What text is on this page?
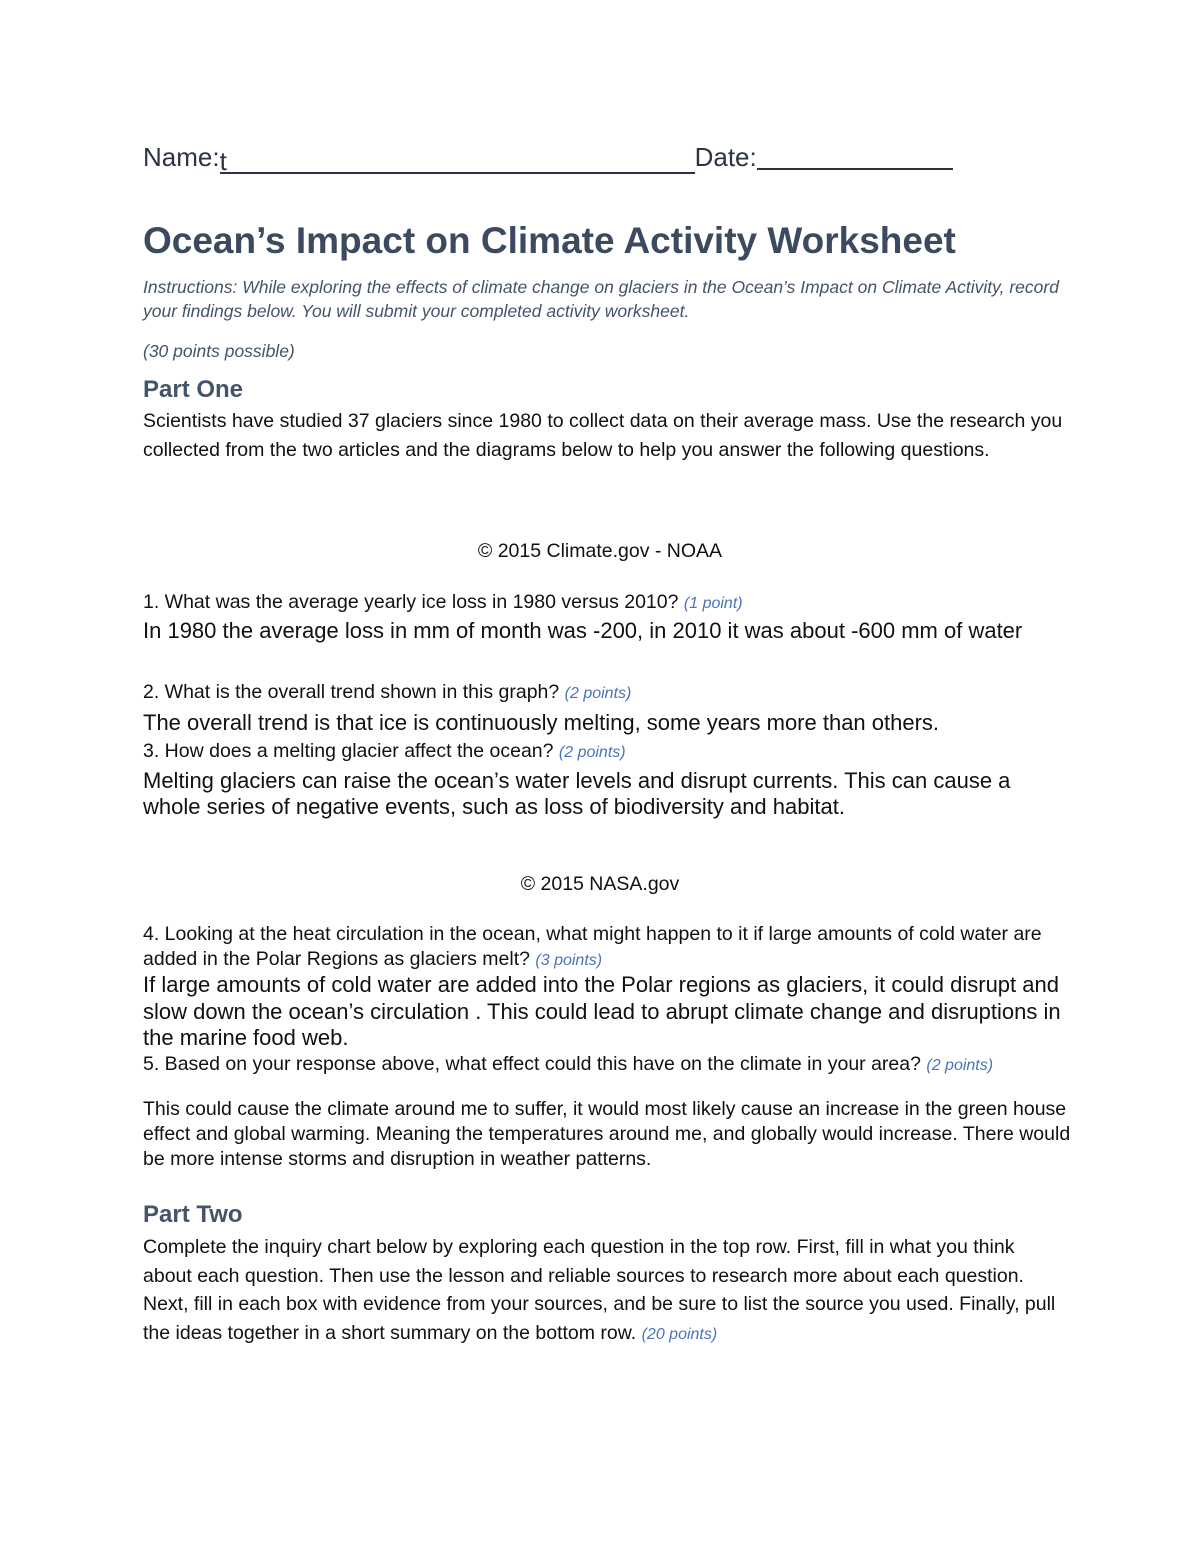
Name:t	Date:
Ocean’s Impact on Climate Activity Worksheet
Instructions: While exploring the effects of climate change on glaciers in the Ocean’s Impact on Climate Activity, record your findings below. You will submit your completed activity worksheet.
(30 points possible)
Part One
Scientists have studied 37 glaciers since 1980 to collect data on their average mass. Use the research you collected from the two articles and the diagrams below to help you answer the following questions.
© 2015 Climate.gov - NOAA
1. What was the average yearly ice loss in 1980 versus 2010? (1 point)
In 1980 the average loss in mm of month was -200, in 2010 it was about -600 mm of water
2. What is the overall trend shown in this graph? (2 points)
The overall trend is that ice is continuously melting, some years more than others.
3. How does a melting glacier affect the ocean? (2 points)
Melting glaciers can raise the ocean’s water levels and disrupt currents. This can cause a whole series of negative events, such as loss of biodiversity and habitat.
© 2015 NASA.gov
4. Looking at the heat circulation in the ocean, what might happen to it if large amounts of cold water are added in the Polar Regions as glaciers melt? (3 points)
If large amounts of cold water are added into the Polar regions as glaciers, it could disrupt and slow down the ocean’s circulation . This could lead to abrupt climate change and disruptions in the marine food web.
5. Based on your response above, what effect could this have on the climate in your area? (2 points)
This could cause the climate around me to suffer, it would most likely cause an increase in the green house effect and global warming. Meaning the temperatures around me, and globally would increase. There would be more intense storms and disruption in weather patterns.
Part Two
Complete the inquiry chart below by exploring each question in the top row. First, fill in what you think about each question. Then use the lesson and reliable sources to research more about each question. Next, fill in each box with evidence from your sources, and be sure to list the source you used. Finally, pull the ideas together in a short summary on the bottom row. (20 points)
